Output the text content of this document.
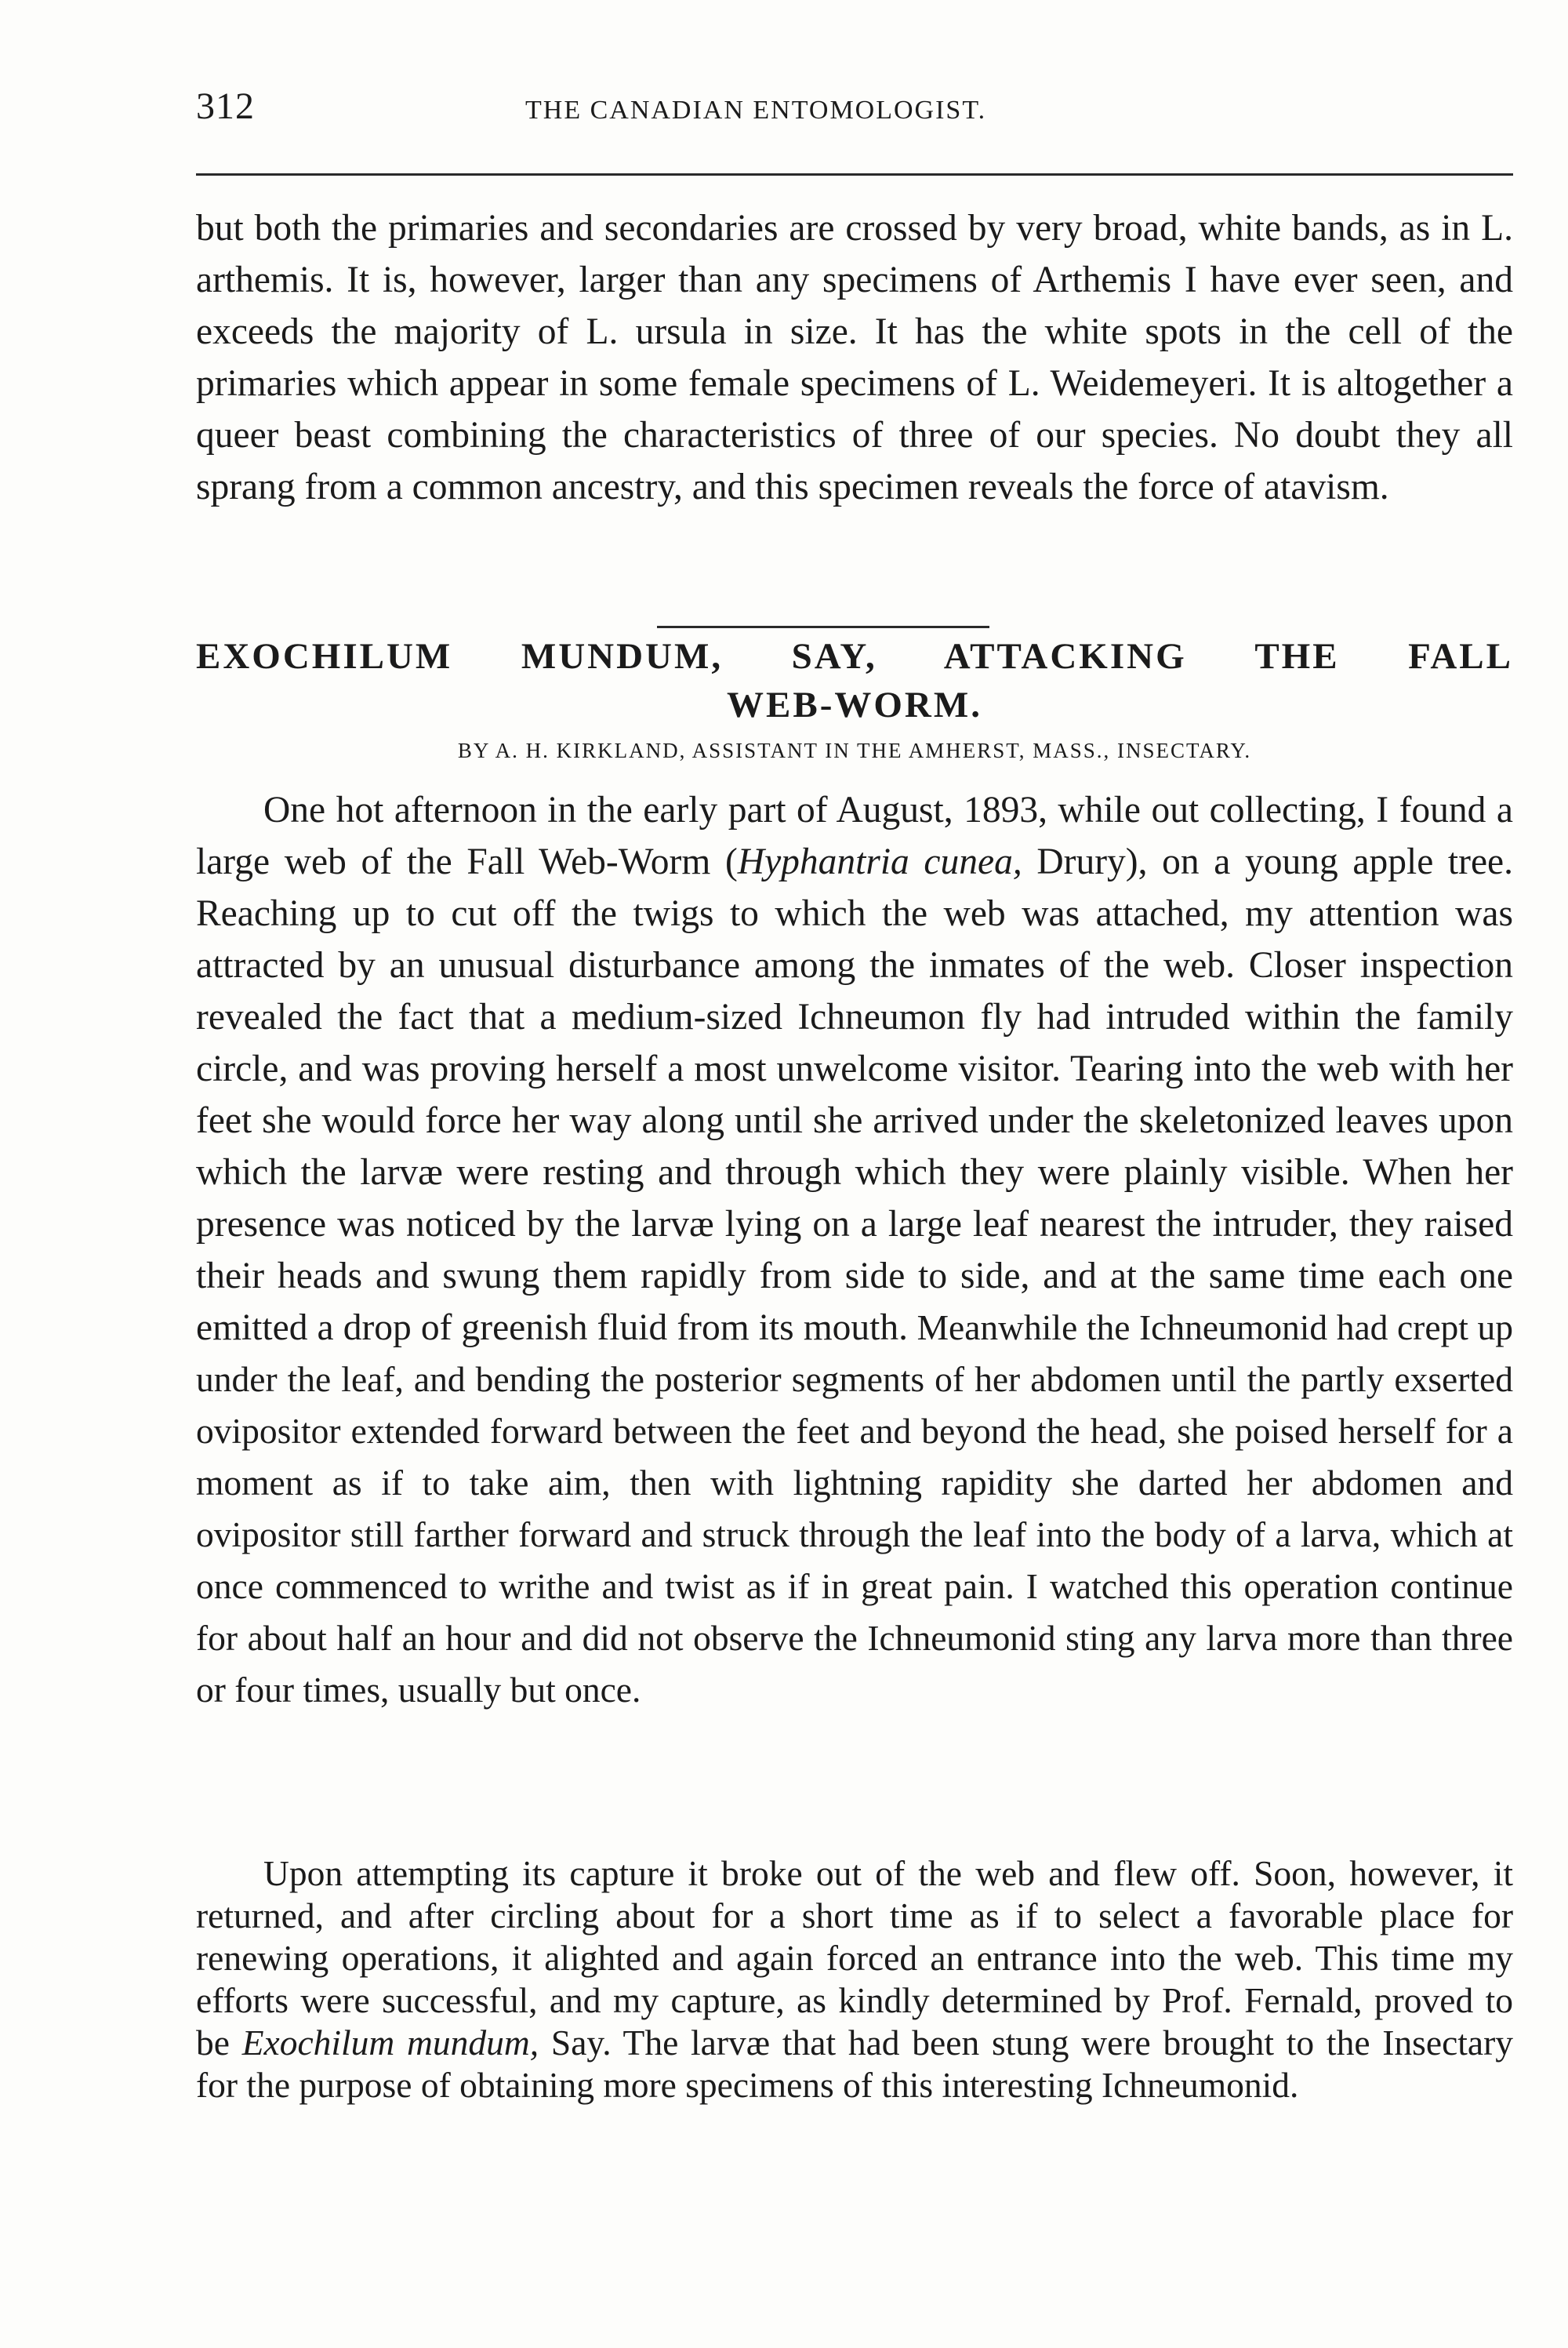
312	THE CANADIAN ENTOMOLOGIST.

but both the primaries and secondaries are crossed by very broad, white bands, as in L. arthemis. It is, however, larger than any specimens of Arthemis I have ever seen, and exceeds the majority of L. ursula in size. It has the white spots in the cell of the primaries which appear in some female specimens of L. Weidemeyeri. It is altogether a queer beast combining the characteristics of three of our species. No doubt they all sprang from a common ancestry, and this specimen reveals the force of atavism.

EXOCHILUM MUNDUM, SAY, ATTACKING THE FALL
WEB-WORM.

BY A. H. KIRKLAND, ASSISTANT IN THE AMHERST, MASS., INSECTARY.

One hot afternoon in the early part of August, 1893, while out collecting, I found a large web of the Fall Web-Worm (Hyphantria cunea, Drury), on a young apple tree. Reaching up to cut off the twigs to which the web was attached, my attention was attracted by an unusual disturbance among the inmates of the web. Closer inspection revealed the fact that a medium-sized Ichneumon fly had intruded within the family circle, and was proving herself a most unwelcome visitor. Tearing into the web with her feet she would force her way along until she arrived under the skeletonized leaves upon which the larvæ were resting and through which they were plainly visible. When her presence was noticed by the larvæ lying on a large leaf nearest the intruder, they raised their heads and swung them rapidly from side to side, and at the same time each one emitted a drop of greenish fluid from its mouth. Meanwhile the Ichneumonid had crept up under the leaf, and bending the posterior segments of her abdomen until the partly exserted ovipositor extended forward between the feet and beyond the head, she poised herself for a moment as if to take aim, then with lightning rapidity she darted her abdomen and ovipositor still farther forward and struck through the leaf into the body of a larva, which at once commenced to writhe and twist as if in great pain. I watched this operation continue for about half an hour and did not observe the Ichneumonid sting any larva more than three or four times, usually but once.

Upon attempting its capture it broke out of the web and flew off. Soon, however, it returned, and after circling about for a short time as if to select a favorable place for renewing operations, it alighted and again forced an entrance into the web. This time my efforts were successful, and my capture, as kindly determined by Prof. Fernald, proved to be Exochilum mundum, Say. The larvæ that had been stung were brought to the Insectary for the purpose of obtaining more specimens of this interesting Ichneumonid.
